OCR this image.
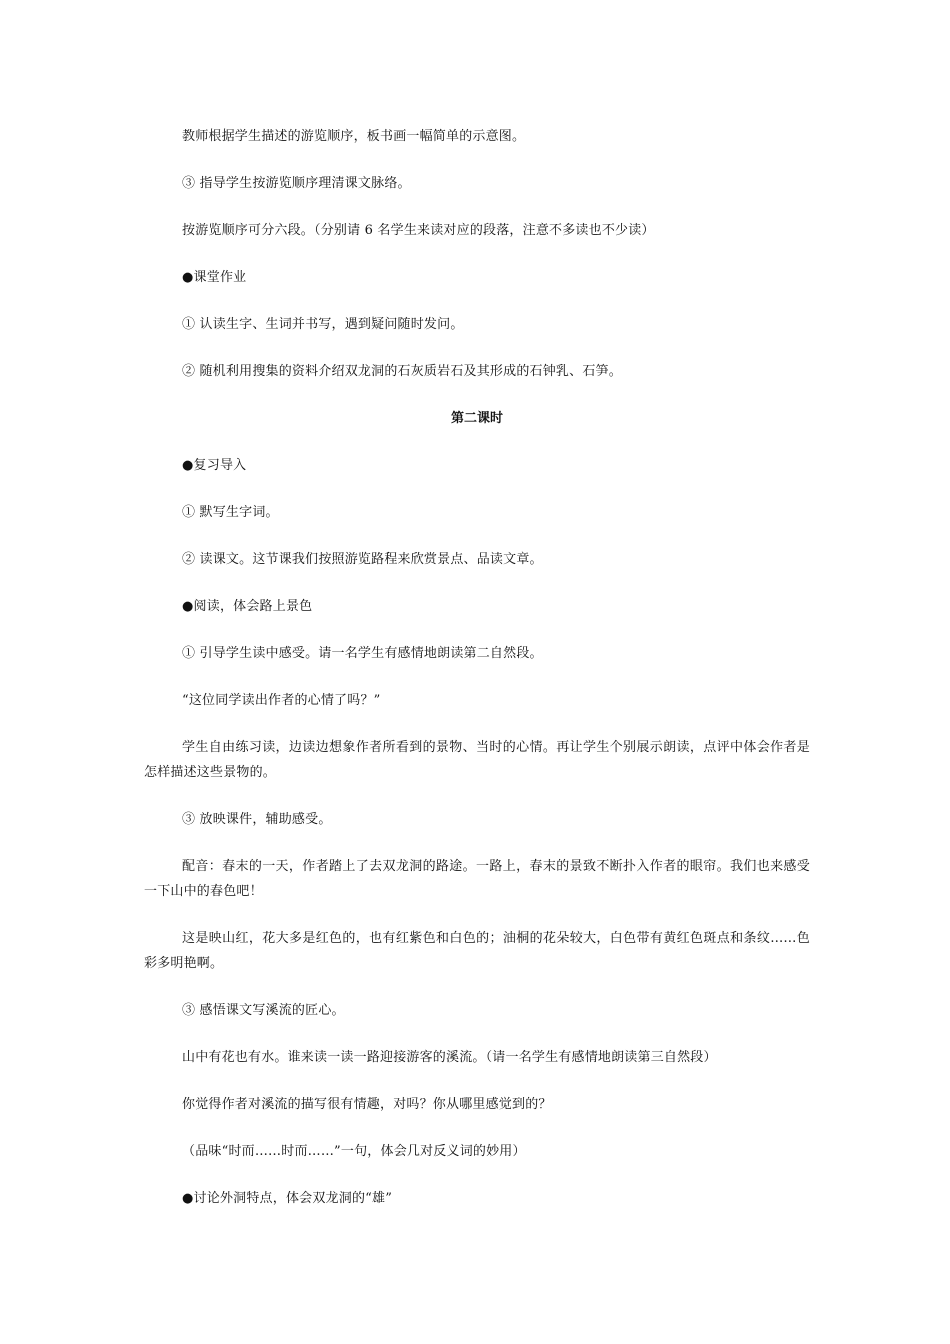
教师根据学生描述的游览顺序，板书画一幅简单的示意图。
③ 指导学生按游览顺序理清课文脉络。
按游览顺序可分六段。（分别请 6 名学生来读对应的段落，注意不多读也不少读）
●课堂作业
① 认读生字、生词并书写，遇到疑问随时发问。
② 随机利用搜集的资料介绍双龙洞的石灰质岩石及其形成的石钟乳、石笋。
第二课时
●复习导入
① 默写生字词。
② 读课文。这节课我们按照游览路程来欣赏景点、品读文章。
●阅读，体会路上景色
① 引导学生读中感受。请一名学生有感情地朗读第二自然段。
“这位同学读出作者的心情了吗？”
学生自由练习读，边读边想象作者所看到的景物、当时的心情。再让学生个别展示朗读，点评中体会作者是怎样描述这些景物的。
③ 放映课件，辅助感受。
配音：春末的一天，作者踏上了去双龙洞的路途。一路上，春末的景致不断扑入作者的眼帘。我们也来感受一下山中的春色吧！
这是映山红，花大多是红色的，也有红紫色和白色的；油桐的花朵较大，白色带有黄红色斑点和条纹……色彩多明艳啊。
③ 感悟课文写溪流的匠心。
山中有花也有水。谁来读一读一路迎接游客的溪流。（请一名学生有感情地朗读第三自然段）
你觉得作者对溪流的描写很有情趣，对吗？你从哪里感觉到的？
（品味“时而……时而……”一句，体会几对反义词的妙用）
●讨论外洞特点，体会双龙洞的“雄”
